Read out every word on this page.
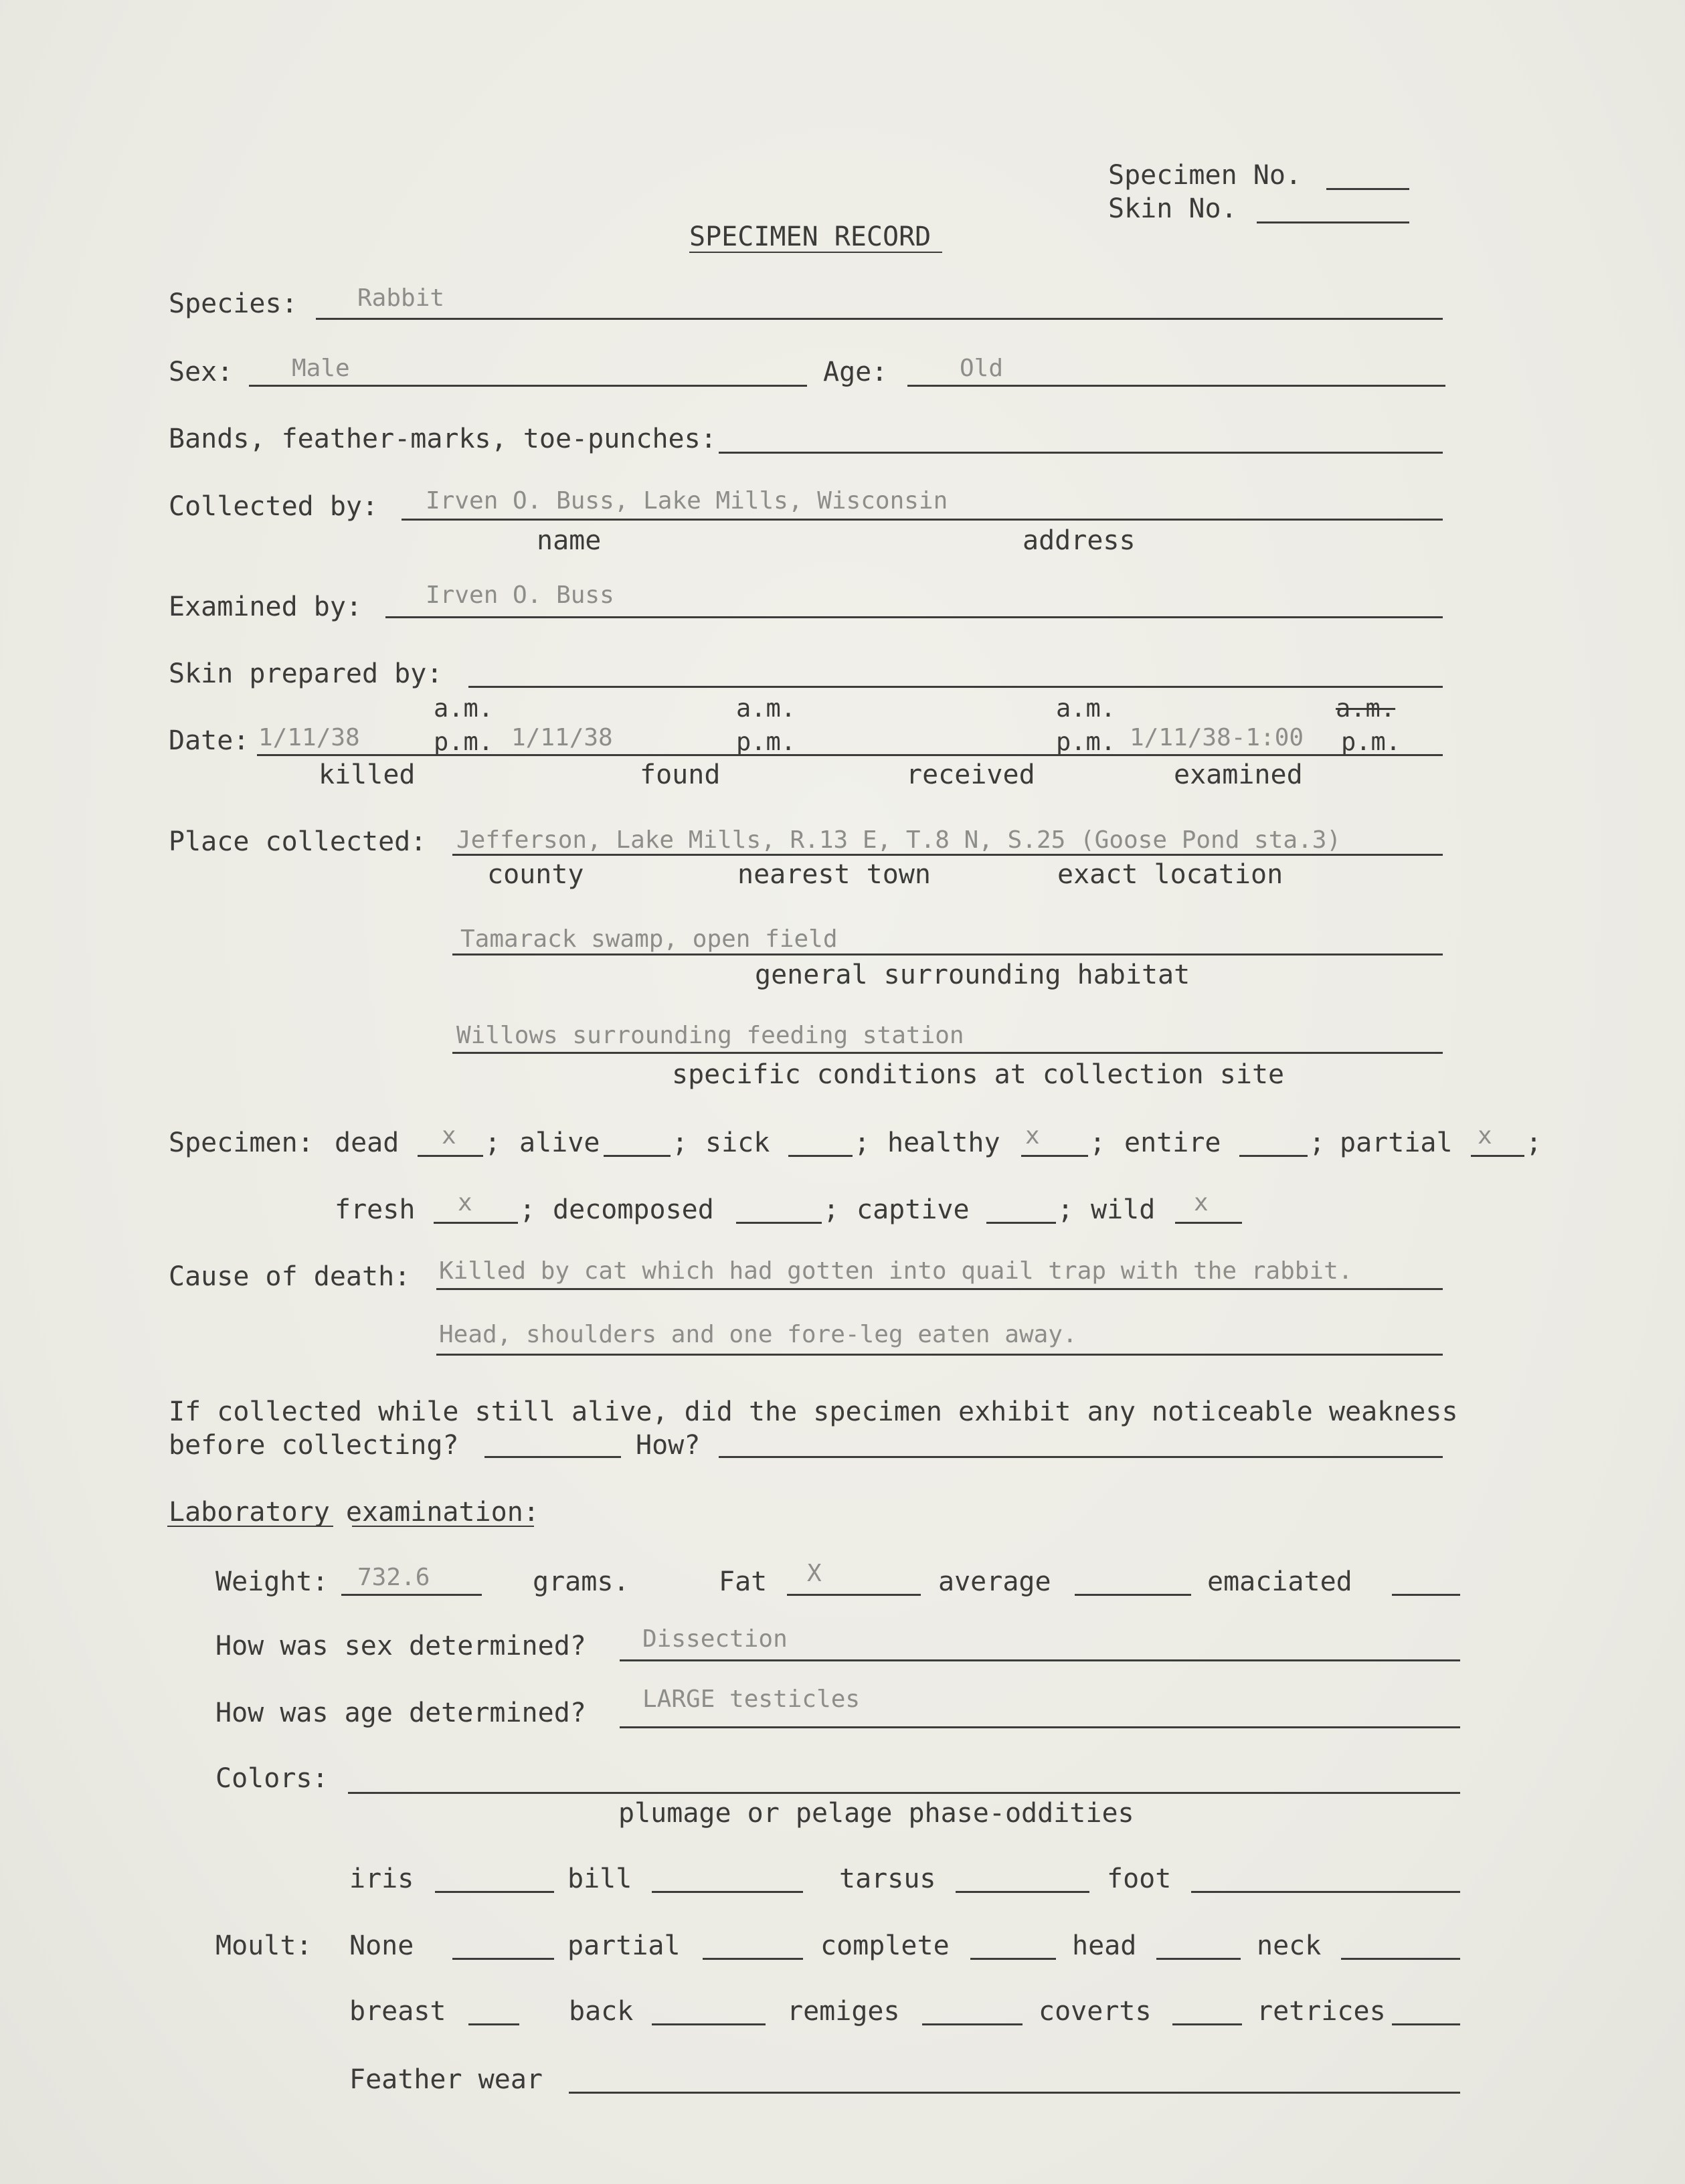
Specimen No.
Skin No.
SPECIMEN RECORD
Species: Rabbit
Sex: Male	Age:	Old
Bands, feather-marks, toe-punches:
Collected by: Irven O. Buss, Lake Mills, Wisconsin
name	address
Examined by:	Irven O. Buss
Skin prepared by:
a.m.	a.m.	a.m.	a.m.
Date: 1/11/38	p.m. 1/11/38	p.m.	p.m. 1/11/38-1:00 p.m.
killed	found	received	examined
Place collected: Jefferson, Lake Mills, R.13 E, T.8 N, S.25 (Goose Pond sta.3)
county	nearest town	exact location
Tamarack swamp, open field
general surrounding habitat
Willows surrounding feeding station
specific conditions at collection site
Specimen: dead x ; alive	; sick	; healthy x ; entire	; partial x ;
fresh x ; decomposed	; captive	; wild x
Cause of death: Killed by cat which had gotten into quail trap with the rabbit.
Head, shoulders and one fore-leg eaten away.
If collected while still alive, did the specimen exhibit any noticeable weakness
before collecting?	How?
Laboratory examination:
Weight: 732.6	grams.	Fat X	average	emaciated
How was sex determined? Dissection
How was age determined? LARGE testicles
Colors:
plumage or pelage phase-oddities
iris	bill	tarsus	foot
Moult: None	partial	complete	head	neck
breast	back	remiges	coverts	retrices
Feather wear
